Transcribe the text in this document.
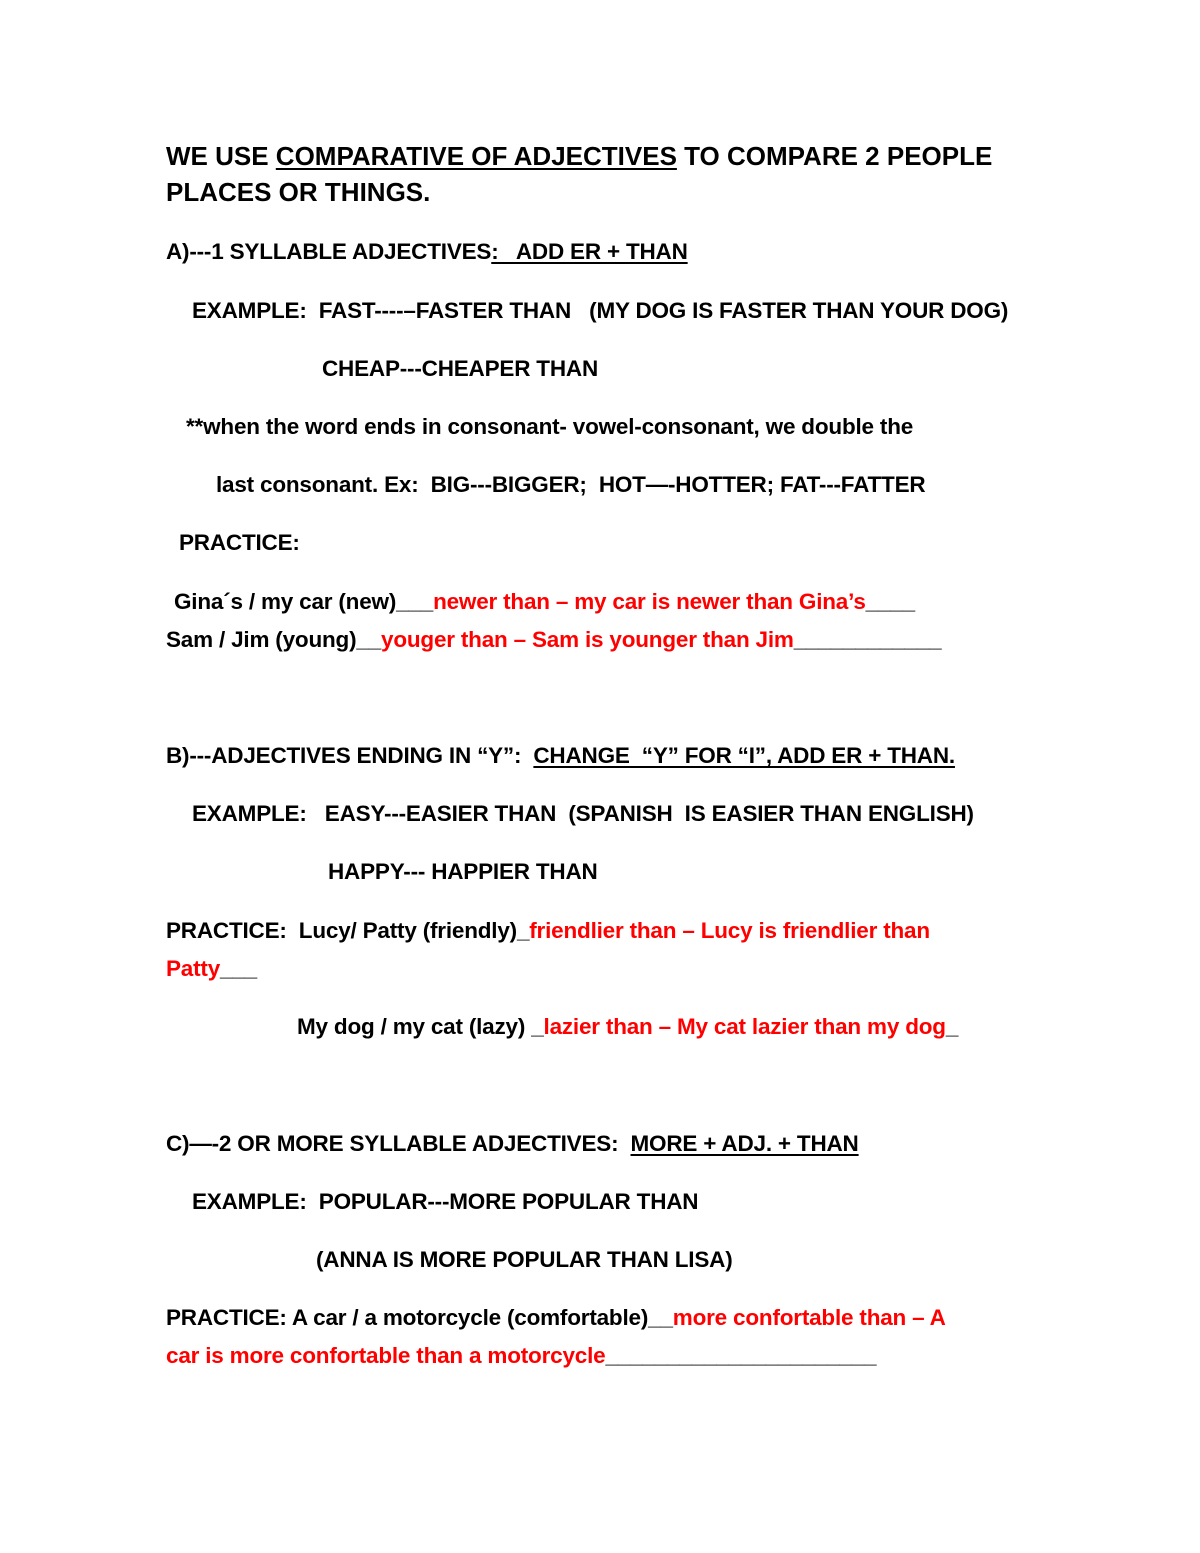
WE USE COMPARATIVE OF ADJECTIVES TO COMPARE 2 PEOPLE
PLACES OR THINGS.
A)---1 SYLLABLE ADJECTIVES:   ADD ER + THAN
EXAMPLE:  FAST----–FASTER THAN   (MY DOG IS FASTER THAN YOUR DOG)
CHEAP---CHEAPER THAN
**when the word ends in consonant- vowel-consonant, we double the
last consonant. Ex:  BIG---BIGGER;  HOT—-HOTTER; FAT---FATTER
PRACTICE:
Gina´s / my car (new)___newer than – my car is newer than Gina’s____
Sam / Jim (young)__youger than – Sam is younger than Jim____________
B)---ADJECTIVES ENDING IN “Y”:  CHANGE  “Y” FOR “I”, ADD ER + THAN.
EXAMPLE:   EASY---EASIER THAN  (SPANISH  IS EASIER THAN ENGLISH)
HAPPY--- HAPPIER THAN
PRACTICE:  Lucy/ Patty (friendly)_friendlier than – Lucy is friendlier than
Patty___
My dog / my cat (lazy) _lazier than – My cat lazier than my dog_
C)—-2 OR MORE SYLLABLE ADJECTIVES:  MORE + ADJ. + THAN
EXAMPLE:  POPULAR---MORE POPULAR THAN
(ANNA IS MORE POPULAR THAN LISA)
PRACTICE: A car / a motorcycle (comfortable)__more confortable than – A
car is more confortable than a motorcycle______________________
